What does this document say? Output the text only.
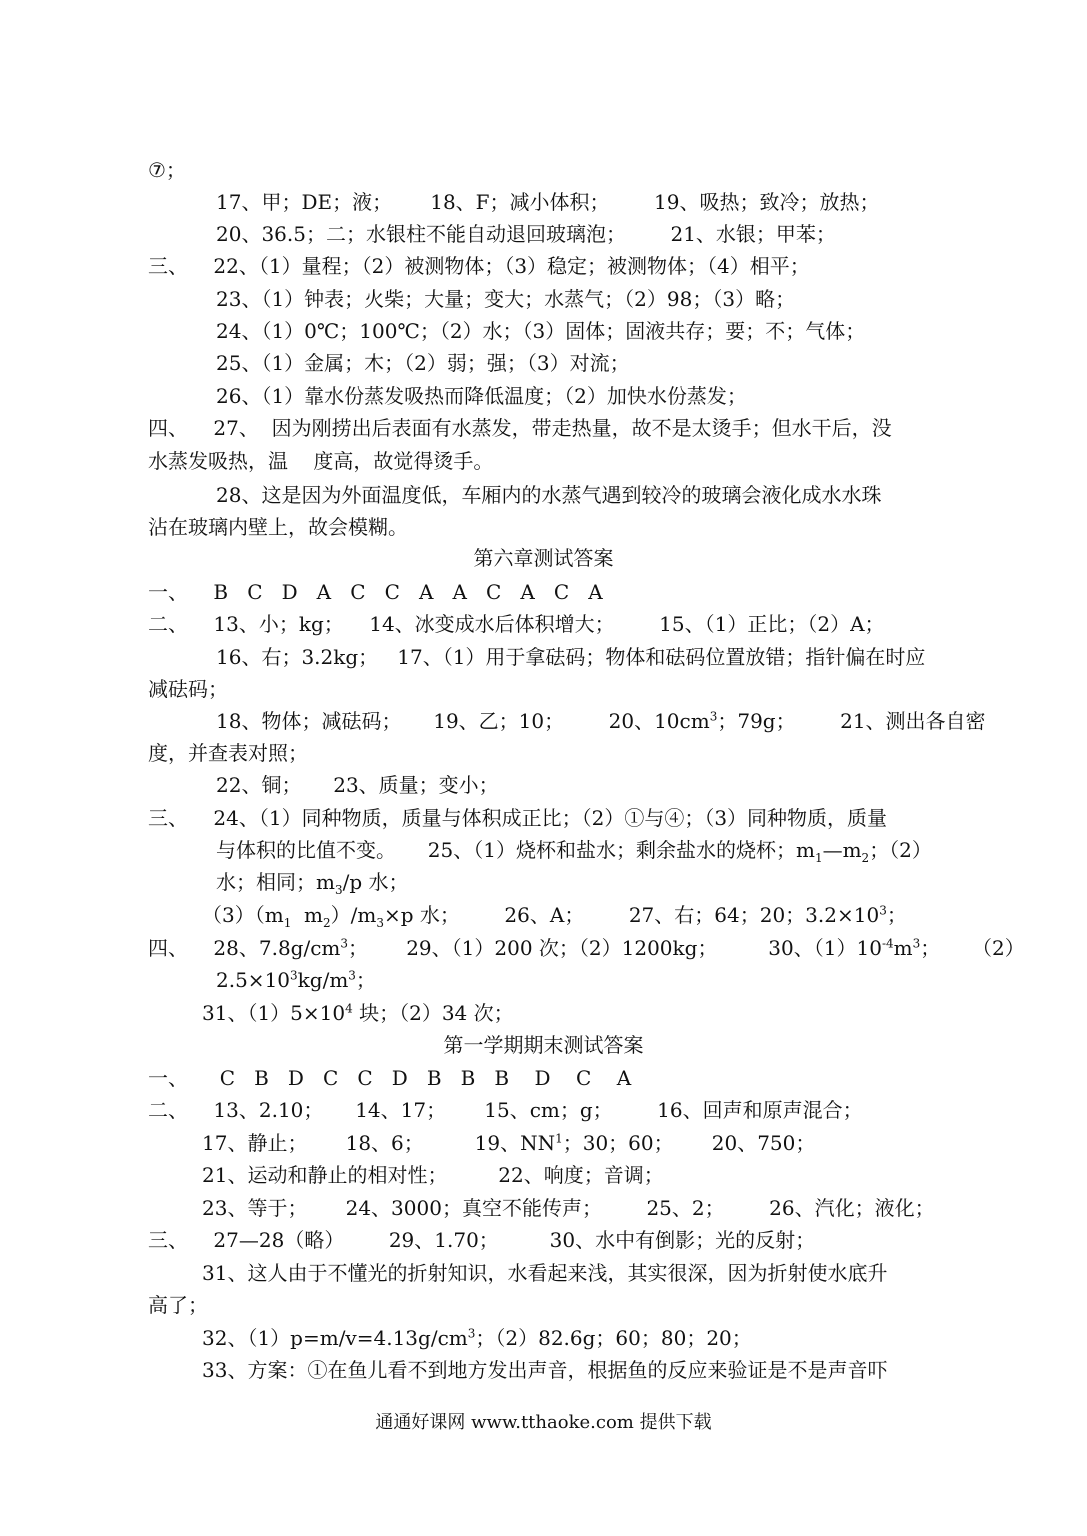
⑦；
17、甲；DE；液；      18、F；减小体积；       19、吸热；致冷；放热；
20、36.5；二；水银柱不能自动退回玻璃泡；       21、水银；甲苯；
三、    22、（1）量程；（2）被测物体；（3）稳定；被测物体；（4）相平；
23、（1）钟表；火柴；大量；变大；水蒸气；（2）98；（3）略；
24、（1）0℃；100℃；（2）水；（3）固体；固液共存；要；不；气体；
25、（1）金属；木；（2）弱；强；（3）对流；
26、（1）靠水份蒸发吸热而降低温度；（2）加快水份蒸发；
四、    27、  因为刚捞出后表面有水蒸发，带走热量，故不是太烫手；但水干后，没
水蒸发吸热，温    度高，故觉得烫手。
28、这是因为外面温度低，车厢内的水蒸气遇到较冷的玻璃会液化成水水珠
沾在玻璃内壁上，故会模糊。
第六章测试答案
一、    B   C   D   A   C   C   A   A   C   A   C   A
二、    13、小；kg；    14、冰变成水后体积增大；       15、（1）正比；（2）A；
16、右；3.2kg；   17、（1）用于拿砝码；物体和砝码位置放错；指针偏在时应
减砝码；
18、物体；减砝码；     19、乙；10；       20、$10cm^3$；79g；       21、测出各自密
度，并查表对照；
22、铜；     23、质量；变小；
三、    24、（1）同种物质，质量与体积成正比；（2）①与④；（3）同种物质，质量
与体积的比值不变。     25、（1）烧杯和盐水；剩余盐水的烧杯；$m_1—m_2$；（2）
水；相同；$m_3/p$ 水；
$(3)(m_1$  $m_2)/m_3\times p$ 水；       26、A；       27、右；64；20；$3.2\times 10^3$；
四、    28、$7.8g/cm^3$；      29、（1）200 次；（2）1200kg；        30、$(1)10^{-4}m^3$；     （2）
$2.5\times 10^3kg/m^3$；
31、$(1)5\times 10^4$ 块；（2）34 次；
第一学期期末测试答案
一、     C   B   D   C   C   D   B   B   B    D    C    A
二、    13、2.10；     14、17；      15、cm；g；       16、回声和原声混合；
17、静止；      18、6；        19、$NN^1$；30；60；      20、750；
21、运动和静止的相对性；        22、响度；音调；
23、等于；      24、3000；真空不能传声；       25、2；       26、汽化；液化；
三、    27—28（略）       29、1.70；        30、水中有倒影；光的反射；
31、这人由于不懂光的折射知识，水看起来浅，其实很深，因为折射使水底升
高了；
32、$(1)p=m/v=4.13g/cm^3$；（2）82.6g；60；80；20；
33、方案：①在鱼儿看不到地方发出声音，根据鱼的反应来验证是不是声音吓
通通好课网 www.tthaoke.com 提供下载
